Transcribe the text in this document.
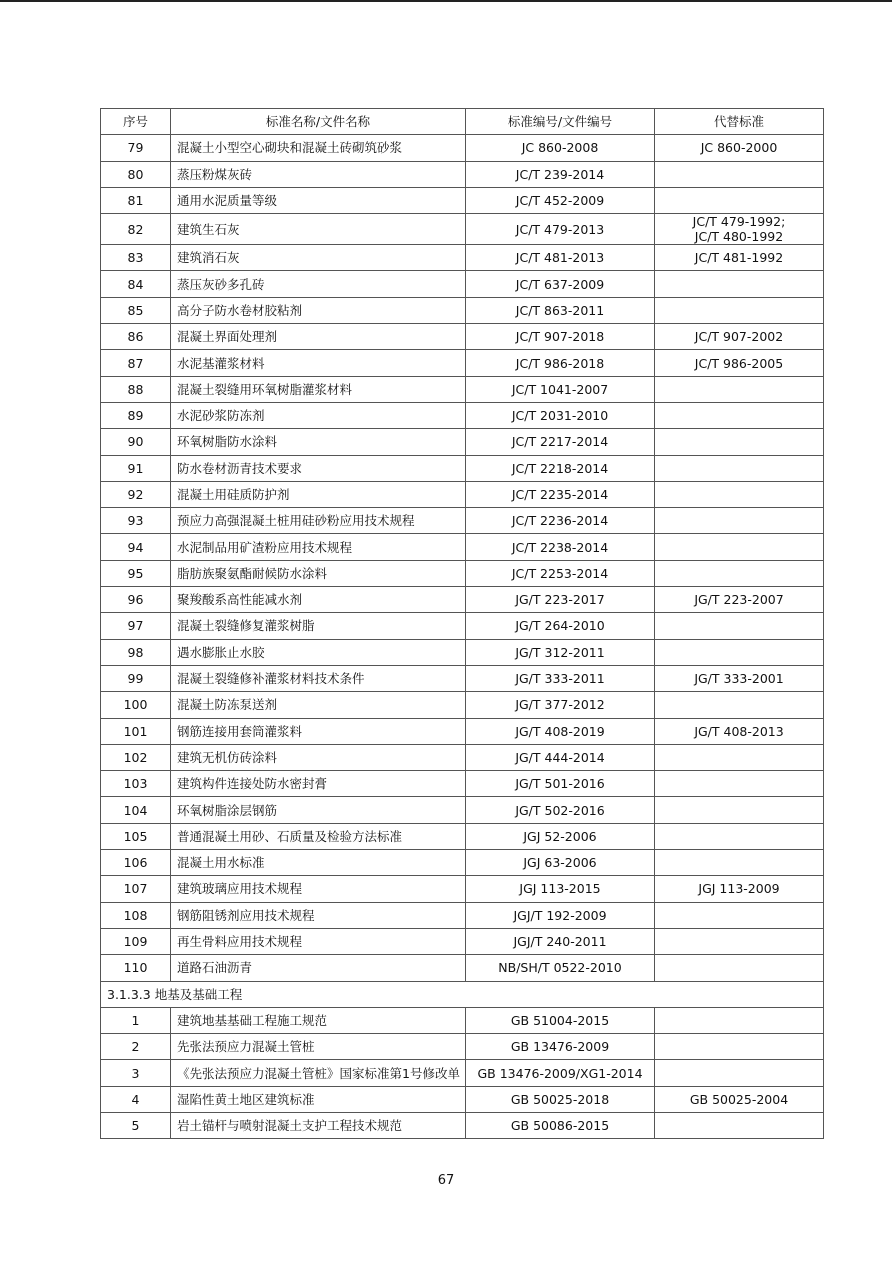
序号	标准名称/文件名称	标准编号/文件编号	代替标准
79	混凝土小型空心砌块和混凝土砖砌筑砂浆	JC 860-2008	JC 860-2000
80	蒸压粉煤灰砖	JC/T 239-2014	
81	通用水泥质量等级	JC/T 452-2009	
82	建筑生石灰	JC/T 479-2013	JC/T 479-1992;
JC/T 480-1992

83	建筑消石灰	JC/T 481-2013	JC/T 481-1992
84	蒸压灰砂多孔砖	JC/T 637-2009	
85	高分子防水卷材胶粘剂	JC/T 863-2011	
86	混凝土界面处理剂	JC/T 907-2018	JC/T 907-2002
87	水泥基灌浆材料	JC/T 986-2018	JC/T 986-2005
88	混凝土裂缝用环氧树脂灌浆材料	JC/T 1041-2007	
89	水泥砂浆防冻剂	JC/T 2031-2010	
90	环氧树脂防水涂料	JC/T 2217-2014	
91	防水卷材沥青技术要求	JC/T 2218-2014	
92	混凝土用硅质防护剂	JC/T 2235-2014	
93	预应力高强混凝土桩用硅砂粉应用技术规程	JC/T 2236-2014	
94	水泥制品用矿渣粉应用技术规程	JC/T 2238-2014	
95	脂肪族聚氨酯耐候防水涂料	JC/T 2253-2014	
96	聚羧酸系高性能减水剂	JG/T 223-2017	JG/T 223-2007
97	混凝土裂缝修复灌浆树脂	JG/T 264-2010	
98	遇水膨胀止水胶	JG/T 312-2011	
99	混凝土裂缝修补灌浆材料技术条件	JG/T 333-2011	JG/T 333-2001
100	混凝土防冻泵送剂	JG/T 377-2012	
101	钢筋连接用套筒灌浆料	JG/T 408-2019	JG/T 408-2013
102	建筑无机仿砖涂料	JG/T 444-2014	
103	建筑构件连接处防水密封膏	JG/T 501-2016	
104	环氧树脂涂层钢筋	JG/T 502-2016	
105	普通混凝土用砂、石质量及检验方法标准	JGJ 52-2006	
106	混凝土用水标准	JGJ 63-2006	
107	建筑玻璃应用技术规程	JGJ 113-2015	JGJ 113-2009
108	钢筋阻锈剂应用技术规程	JGJ/T 192-2009	
109	再生骨料应用技术规程	JGJ/T 240-2011	
110	道路石油沥青	NB/SH/T 0522-2010	
3.1.3.3 地基及基础工程			
1	建筑地基基础工程施工规范	GB 51004-2015	
2	先张法预应力混凝土管桩	GB 13476-2009	
3	《先张法预应力混凝土管桩》国家标准第1号修改单	GB 13476-2009/XG1-2014	
4	湿陷性黄土地区建筑标准	GB 50025-2018	GB 50025-2004
5	岩土锚杆与喷射混凝土支护工程技术规范	GB 50086-2015	
67
